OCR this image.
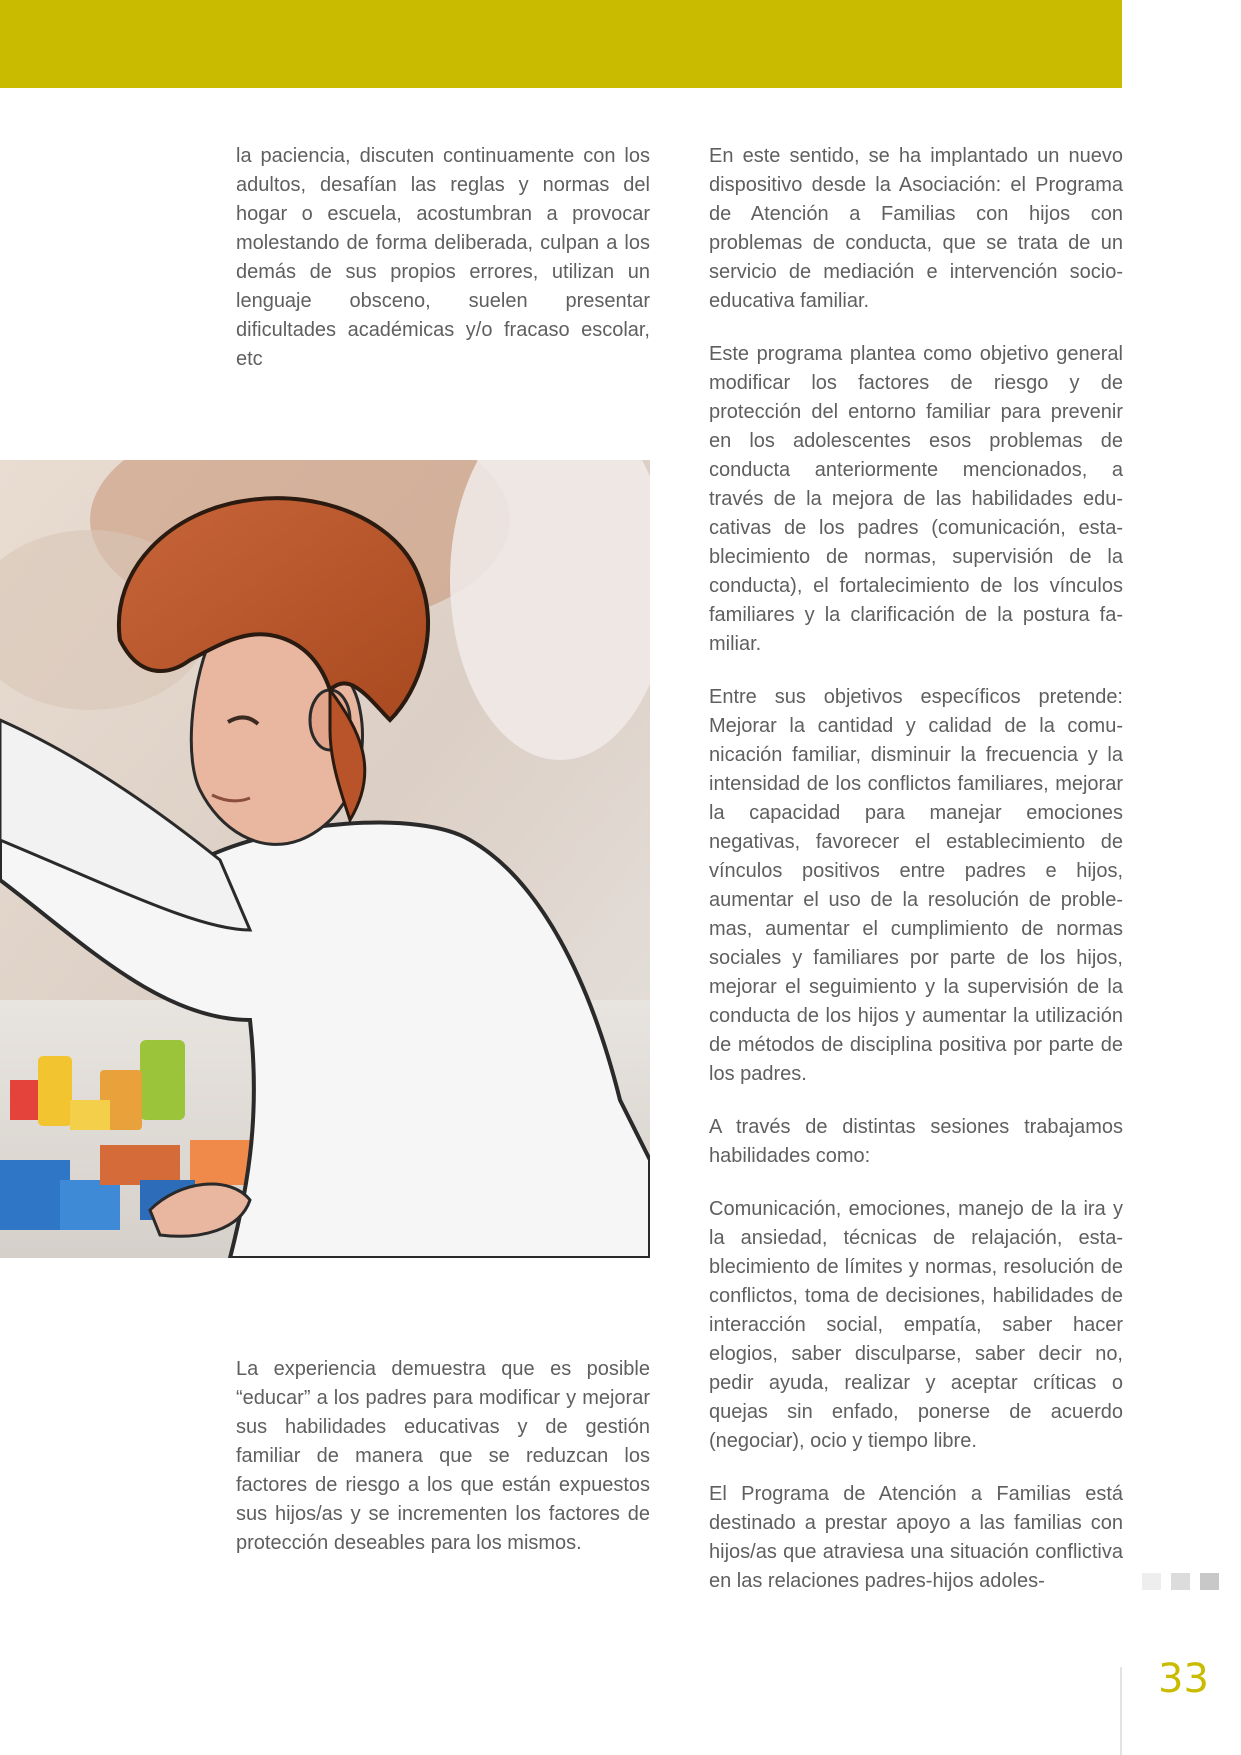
la paciencia, discuten continuamente con los adultos, desafían las reglas y normas del hogar o escuela, acostumbran a provocar molestando de forma deliberada, culpan a los demás de sus propios errores, utilizan un lenguaje obsceno, suelen presentar dificultades académicas y/o fracaso escolar, etc

La experiencia demuestra que es posible “educar” a los padres para modificar y mejorar sus habilidades educativas y de gestión familiar de manera que se reduzcan los factores de riesgo a los que están expuestos sus hijos/as y se incrementen los factores de protección deseables para los mismos.

En este sentido, se ha implantado un nuevo dispositivo desde la Asociación: el Programa de Atención a Familias con hijos con problemas de conducta, que se trata de un servicio de mediación e intervención socioeducativa familiar.

Este programa plantea como objetivo general modificar los factores de riesgo y de protección del entorno familiar para prevenir en los adolescentes esos problemas de conducta anteriormente mencionados, a través de la mejora de las habilidades educativas de los padres (comunicación, establecimiento de normas, supervisión de la conducta), el fortalecimiento de los vínculos familiares y la clarificación de la postura familiar.

Entre sus objetivos específicos pretende: Mejorar la cantidad y calidad de la comunicación familiar, disminuir la frecuencia y la intensidad de los conflictos familiares, mejorar la capacidad para manejar emociones negativas, favorecer el establecimiento de vínculos positivos entre padres e hijos, aumentar el uso de la resolución de problemas, aumentar el cumplimiento de normas sociales y familiares por parte de los hijos, mejorar el seguimiento y la supervisión de la conducta de los hijos y aumentar la utilización de métodos de disciplina positiva por parte de los padres.

A través de distintas sesiones trabajamos habilidades como:

Comunicación, emociones, manejo de la ira y la ansiedad, técnicas de relajación, establecimiento de límites y normas, resolución de conflictos, toma de decisiones, habilidades de interacción social, empatía, saber hacer elogios, saber disculparse, saber decir no, pedir ayuda, realizar y aceptar críticas o quejas sin enfado, ponerse de acuerdo (negociar), ocio y tiempo libre.

El Programa de Atención a Familias está destinado a prestar apoyo a las familias con hijos/as que atraviesa una situación conflictiva en las relaciones padres-hijos adoles-

33
